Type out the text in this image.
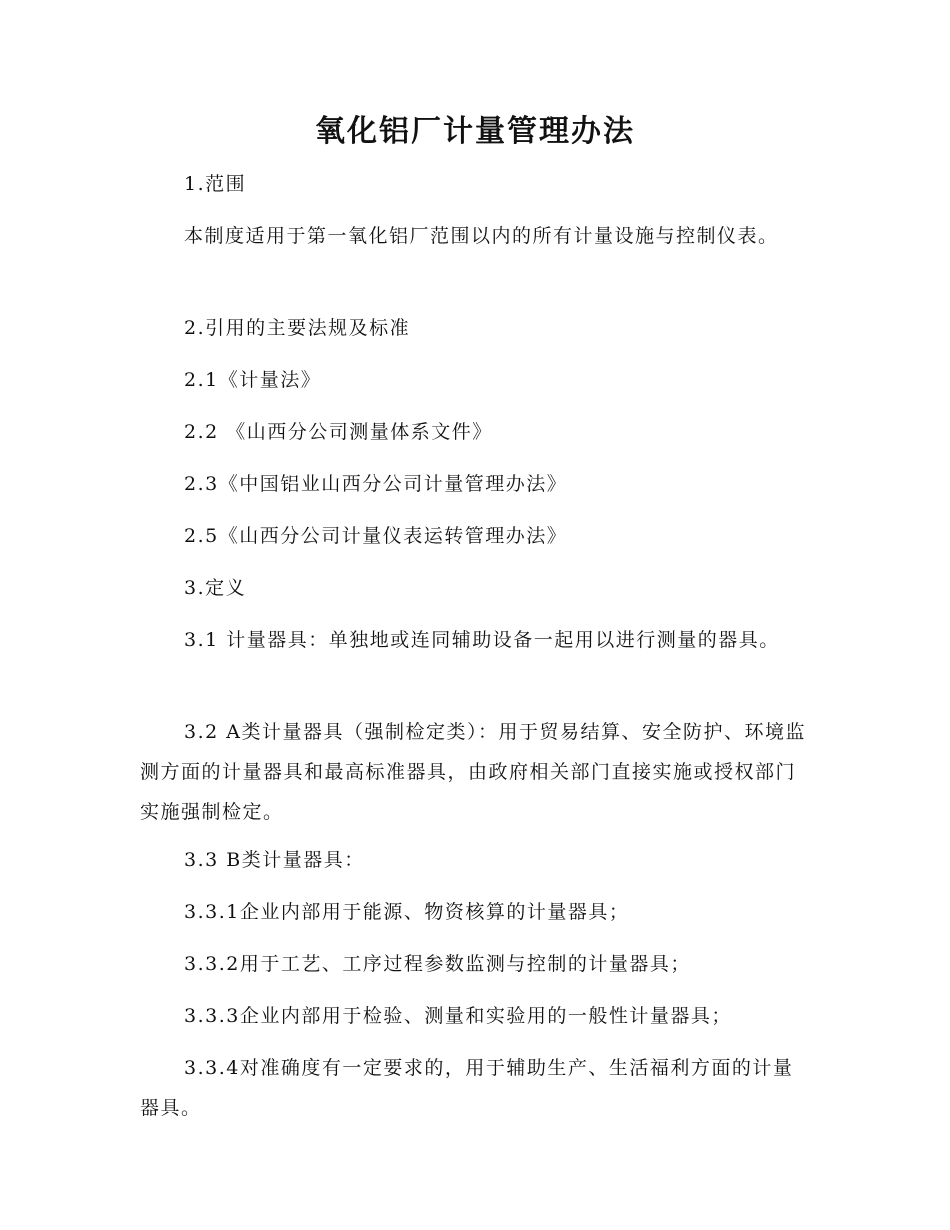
氧化铝厂计量管理办法

1.范围

本制度适用于第一氧化铝厂范围以内的所有计量设施与控制仪表。

2.引用的主要法规及标准

2.1《计量法》

2.2 《山西分公司测量体系文件》

2.3《中国铝业山西分公司计量管理办法》

2.5《山西分公司计量仪表运转管理办法》

3.定义

3.1 计量器具：单独地或连同辅助设备一起用以进行测量的器具。

3.2 A类计量器具（强制检定类）：用于贸易结算、安全防护、环境监测方面的计量器具和最高标准器具，由政府相关部门直接实施或授权部门实施强制检定。

3.3 B类计量器具：

3.3.1企业内部用于能源、物资核算的计量器具；

3.3.2用于工艺、工序过程参数监测与控制的计量器具；

3.3.3企业内部用于检验、测量和实验用的一般性计量器具；

3.3.4对准确度有一定要求的，用于辅助生产、生活福利方面的计量器具。
